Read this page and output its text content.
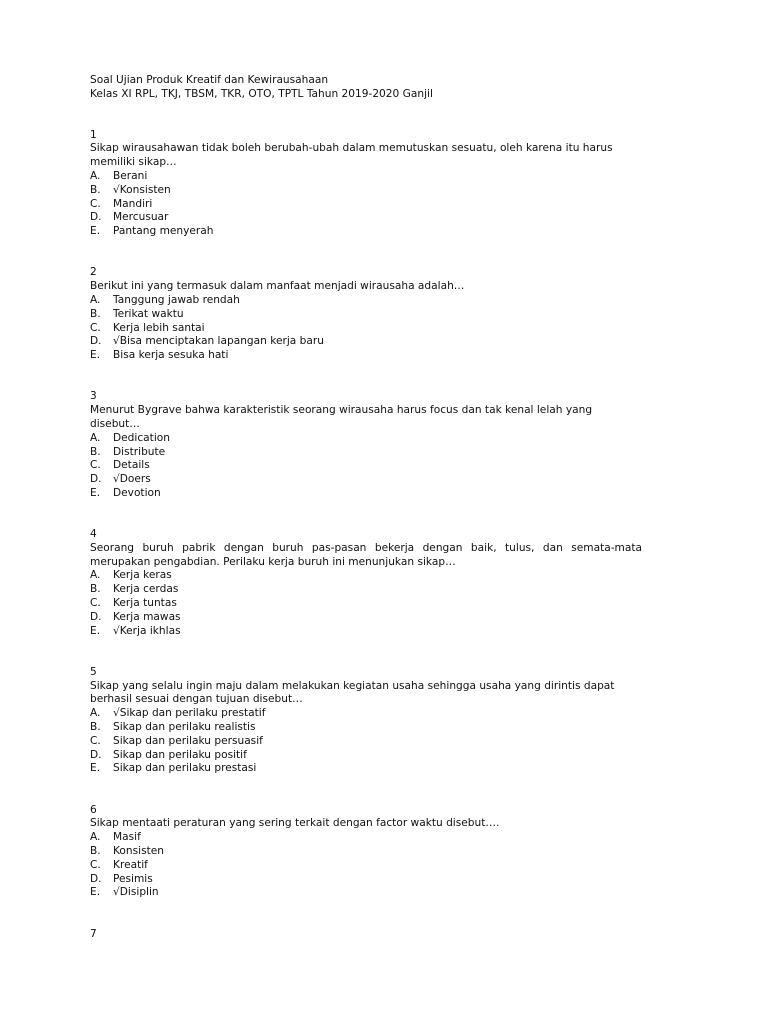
Soal Ujian Produk Kreatif dan Kewirausahaan
Kelas XI RPL, TKJ, TBSM, TKR, OTO, TPTL Tahun 2019-2020 Ganjil
1
Sikap wirausahawan tidak boleh berubah-ubah dalam memutuskan sesuatu, oleh karena itu harus memiliki sikap…
A.	Berani
B.	√Konsisten
C.	Mandiri
D.	Mercusuar
E.	Pantang menyerah
2
Berikut ini yang termasuk dalam manfaat menjadi wirausaha adalah…
A.	Tanggung jawab rendah
B.	Terikat waktu
C.	Kerja lebih santai
D.	√Bisa menciptakan lapangan kerja baru
E.	Bisa kerja sesuka hati
3
Menurut Bygrave bahwa karakteristik seorang wirausaha harus focus dan tak kenal lelah yang disebut…
A.	Dedication
B.	Distribute
C.	Details
D.	√Doers
E.	Devotion
4
Seorang buruh pabrik dengan buruh pas-pasan bekerja dengan baik, tulus, dan semata-mata merupakan pengabdian. Perilaku kerja buruh ini menunjukan sikap…
A.	Kerja keras
B.	Kerja cerdas
C.	Kerja tuntas
D.	Kerja mawas
E.	√Kerja ikhlas
5
Sikap yang selalu ingin maju dalam melakukan kegiatan usaha sehingga usaha yang dirintis dapat berhasil sesuai dengan tujuan disebut…
A.	√Sikap dan perilaku prestatif
B.	Sikap dan perilaku realistis
C.	Sikap dan perilaku persuasif
D.	Sikap dan perilaku positif
E.	Sikap dan perilaku prestasi
6
Sikap mentaati peraturan yang sering terkait dengan factor waktu disebut….
A.	Masif
B.	Konsisten
C.	Kreatif
D.	Pesimis
E.	√Disiplin
7
